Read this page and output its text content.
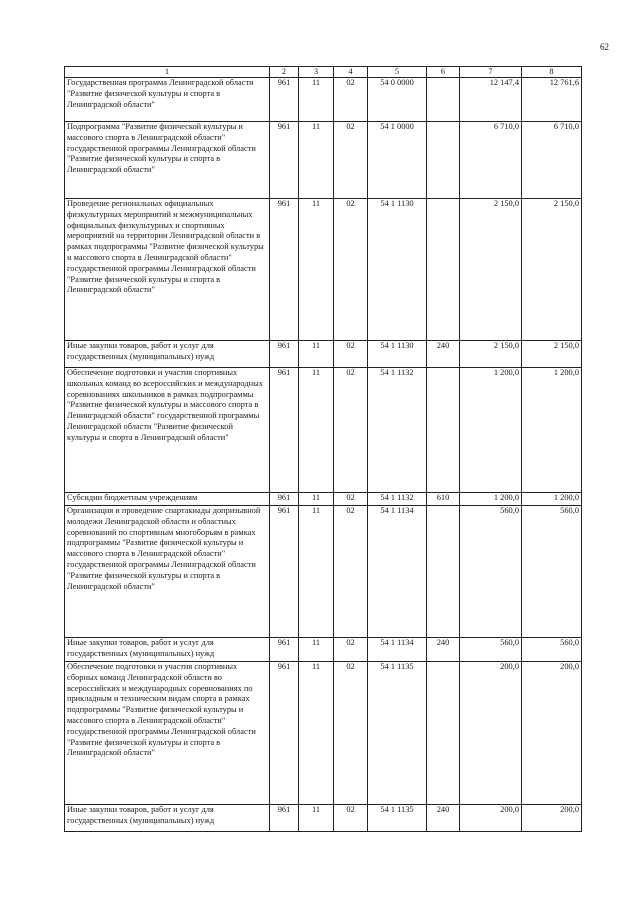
62
1	2	3	4	5	6	7	8
Государственная программа Ленинградской области "Развитие физической культуры и спорта в Ленинградской области"	961	11	02	54 0 0000		12 147,4	12 761,6
Подпрограмма "Развитие физической культуры и массового спорта в Ленинградской области" государственной программы Ленинградской области "Развитие физической культуры и спорта в Ленинградской области"	961	11	02	54 1 0000		6 710,0	6 710,0
Проведение региональных официальных физкультурных мероприятий и межмуниципальных официальных физкультурных и спортивных мероприятий на территории Ленинградской области в рамках подпрограммы "Развитие физической культуры и массового спорта в Ленинградской области" государственной программы Ленинградской области "Развитие физической культуры и спорта в Ленинградской области"	961	11	02	54 1 1130		2 150,0	2 150,0
Иные закупки товаров, работ и услуг для государственных (муниципальных) нужд	961	11	02	54 1 1130	240	2 150,0	2 150,0
Обеспечение подготовки и участия спортивных школьных команд во всероссийских и международных соревнованиях школьников в рамках подпрограммы "Развитие физической культуры и массового спорта в Ленинградской области" государственной программы Ленинградской области "Развитие физической культуры и спорта в Ленинградской области"	961	11	02	54 1 1132		1 200,0	1 200,0
Субсидии бюджетным учреждениям	961	11	02	54 1 1132	610	1 200,0	1 200,0
Организация и проведение спартакиады допризывной молодежи Ленинградской области и областных соревнований по спортивным многоборьям в рамках подпрограммы "Развитие физической культуры и массового спорта в Ленинградской области" государственной программы Ленинградской области "Развитие физической культуры и спорта в Ленинградской области"	961	11	02	54 1 1134		560,0	560,0
Иные закупки товаров, работ и услуг для государственных (муниципальных) нужд	961	11	02	54 1 1134	240	560,0	560,0
Обеспечение подготовки и участия спортивных сборных команд Ленинградской области во всероссийских и международных соревнованиях по прикладным и техническим видам спорта в рамках подпрограммы "Развитие физической культуры и массового спорта в Ленинградской области" государственной программы Ленинградской области "Развитие физической культуры и спорта в Ленинградской области"	961	11	02	54 1 1135		200,0	200,0
Иные закупки товаров, работ и услуг для государственных (муниципальных) нужд	961	11	02	54 1 1135	240	200,0	200,0
